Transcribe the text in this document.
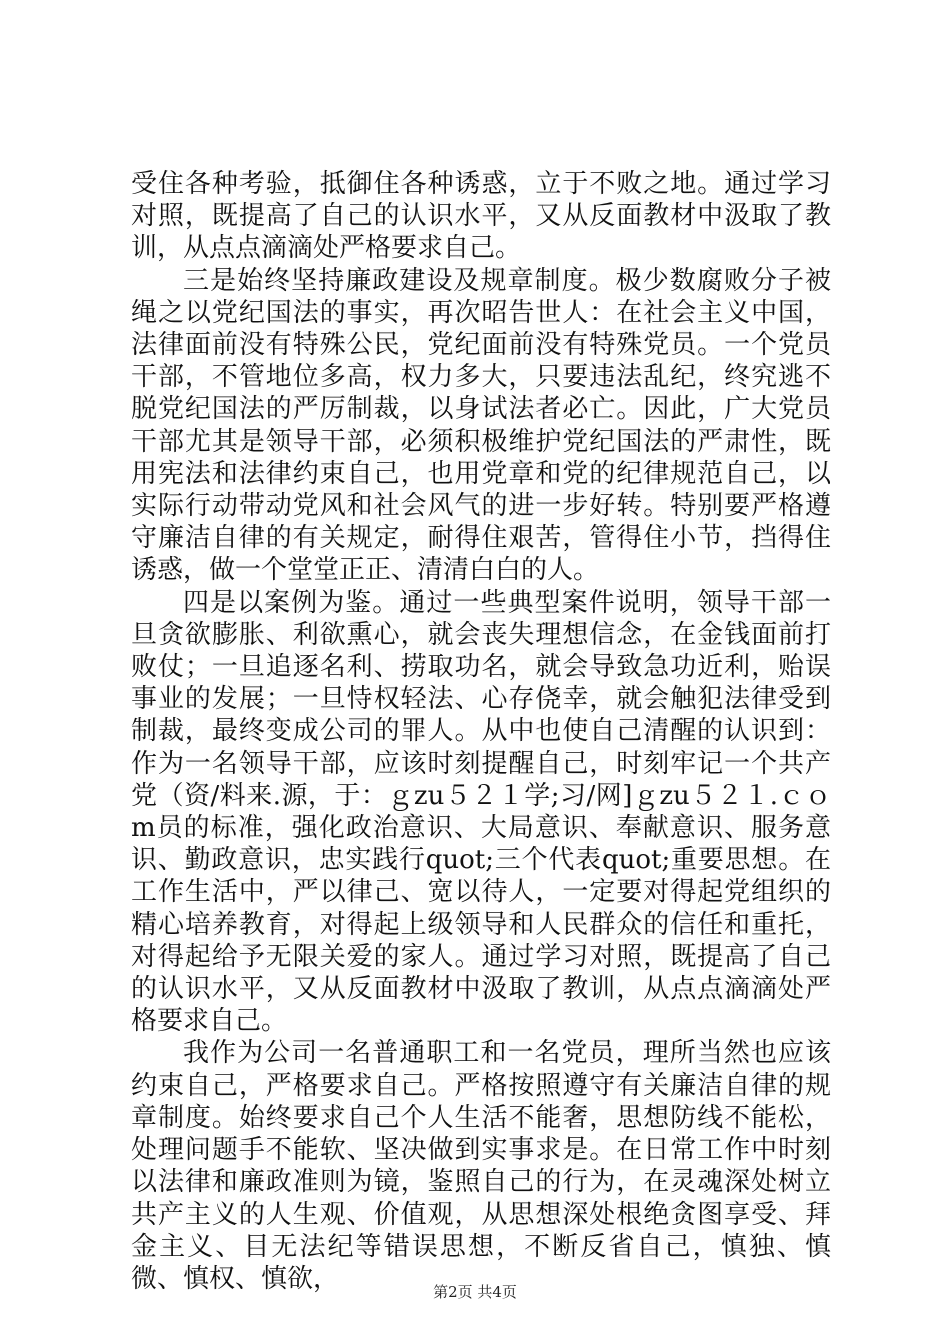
受住各种考验，抵御住各种诱惑，立于不败之地。通过学习对照，既提高了自己的认识水平，又从反面教材中汲取了教训，从点点滴滴处严格要求自己。

三是始终坚持廉政建设及规章制度。极少数腐败分子被绳之以党纪国法的事实，再次昭告世人：在社会主义中国，法律面前没有特殊公民，党纪面前没有特殊党员。一个党员干部，不管地位多高，权力多大，只要违法乱纪，终究逃不脱党纪国法的严厉制裁，以身试法者必亡。因此，广大党员干部尤其是领导干部，必须积极维护党纪国法的严肃性，既用宪法和法律约束自己，也用党章和党的纪律规范自己，以实际行动带动党风和社会风气的进一步好转。特别要严格遵守廉洁自律的有关规定，耐得住艰苦，管得住小节，挡得住诱惑，做一个堂堂正正、清清白白的人。

四是以案例为鉴。通过一些典型案件说明，领导干部一旦贪欲膨胀、利欲熏心，就会丧失理想信念，在金钱面前打败仗；一旦追逐名利、捞取功名，就会导致急功近利，贻误事业的发展；一旦恃权轻法、心存侥幸，就会触犯法律受到制裁，最终变成公司的罪人。从中也使自己清醒的认识到：作为一名领导干部，应该时刻提醒自己，时刻牢记一个共产党（资/料来.源，于：ｇzu５２１学;习/网]ｇzu５２１.ｃｏm员的标准，强化政治意识、大局意识、奉献意识、服务意识、勤政意识，忠实践行quot;三个代表quot;重要思想。在工作生活中，严以律己、宽以待人，一定要对得起党组织的精心培养教育，对得起上级领导和人民群众的信任和重托，对得起给予无限关爱的家人。通过学习对照，既提高了自己的认识水平，又从反面教材中汲取了教训，从点点滴滴处严格要求自己。

我作为公司一名普通职工和一名党员，理所当然也应该约束自己，严格要求自己。严格按照遵守有关廉洁自律的规章制度。始终要求自己个人生活不能奢，思想防线不能松，处理问题手不能软、坚决做到实事求是。在日常工作中时刻以法律和廉政准则为镜，鉴照自己的行为，在灵魂深处树立共产主义的人生观、价值观，从思想深处根绝贪图享受、拜金主义、目无法纪等错误思想，不断反省自己，慎独、慎微、慎权、慎欲，	第2页 共4页
